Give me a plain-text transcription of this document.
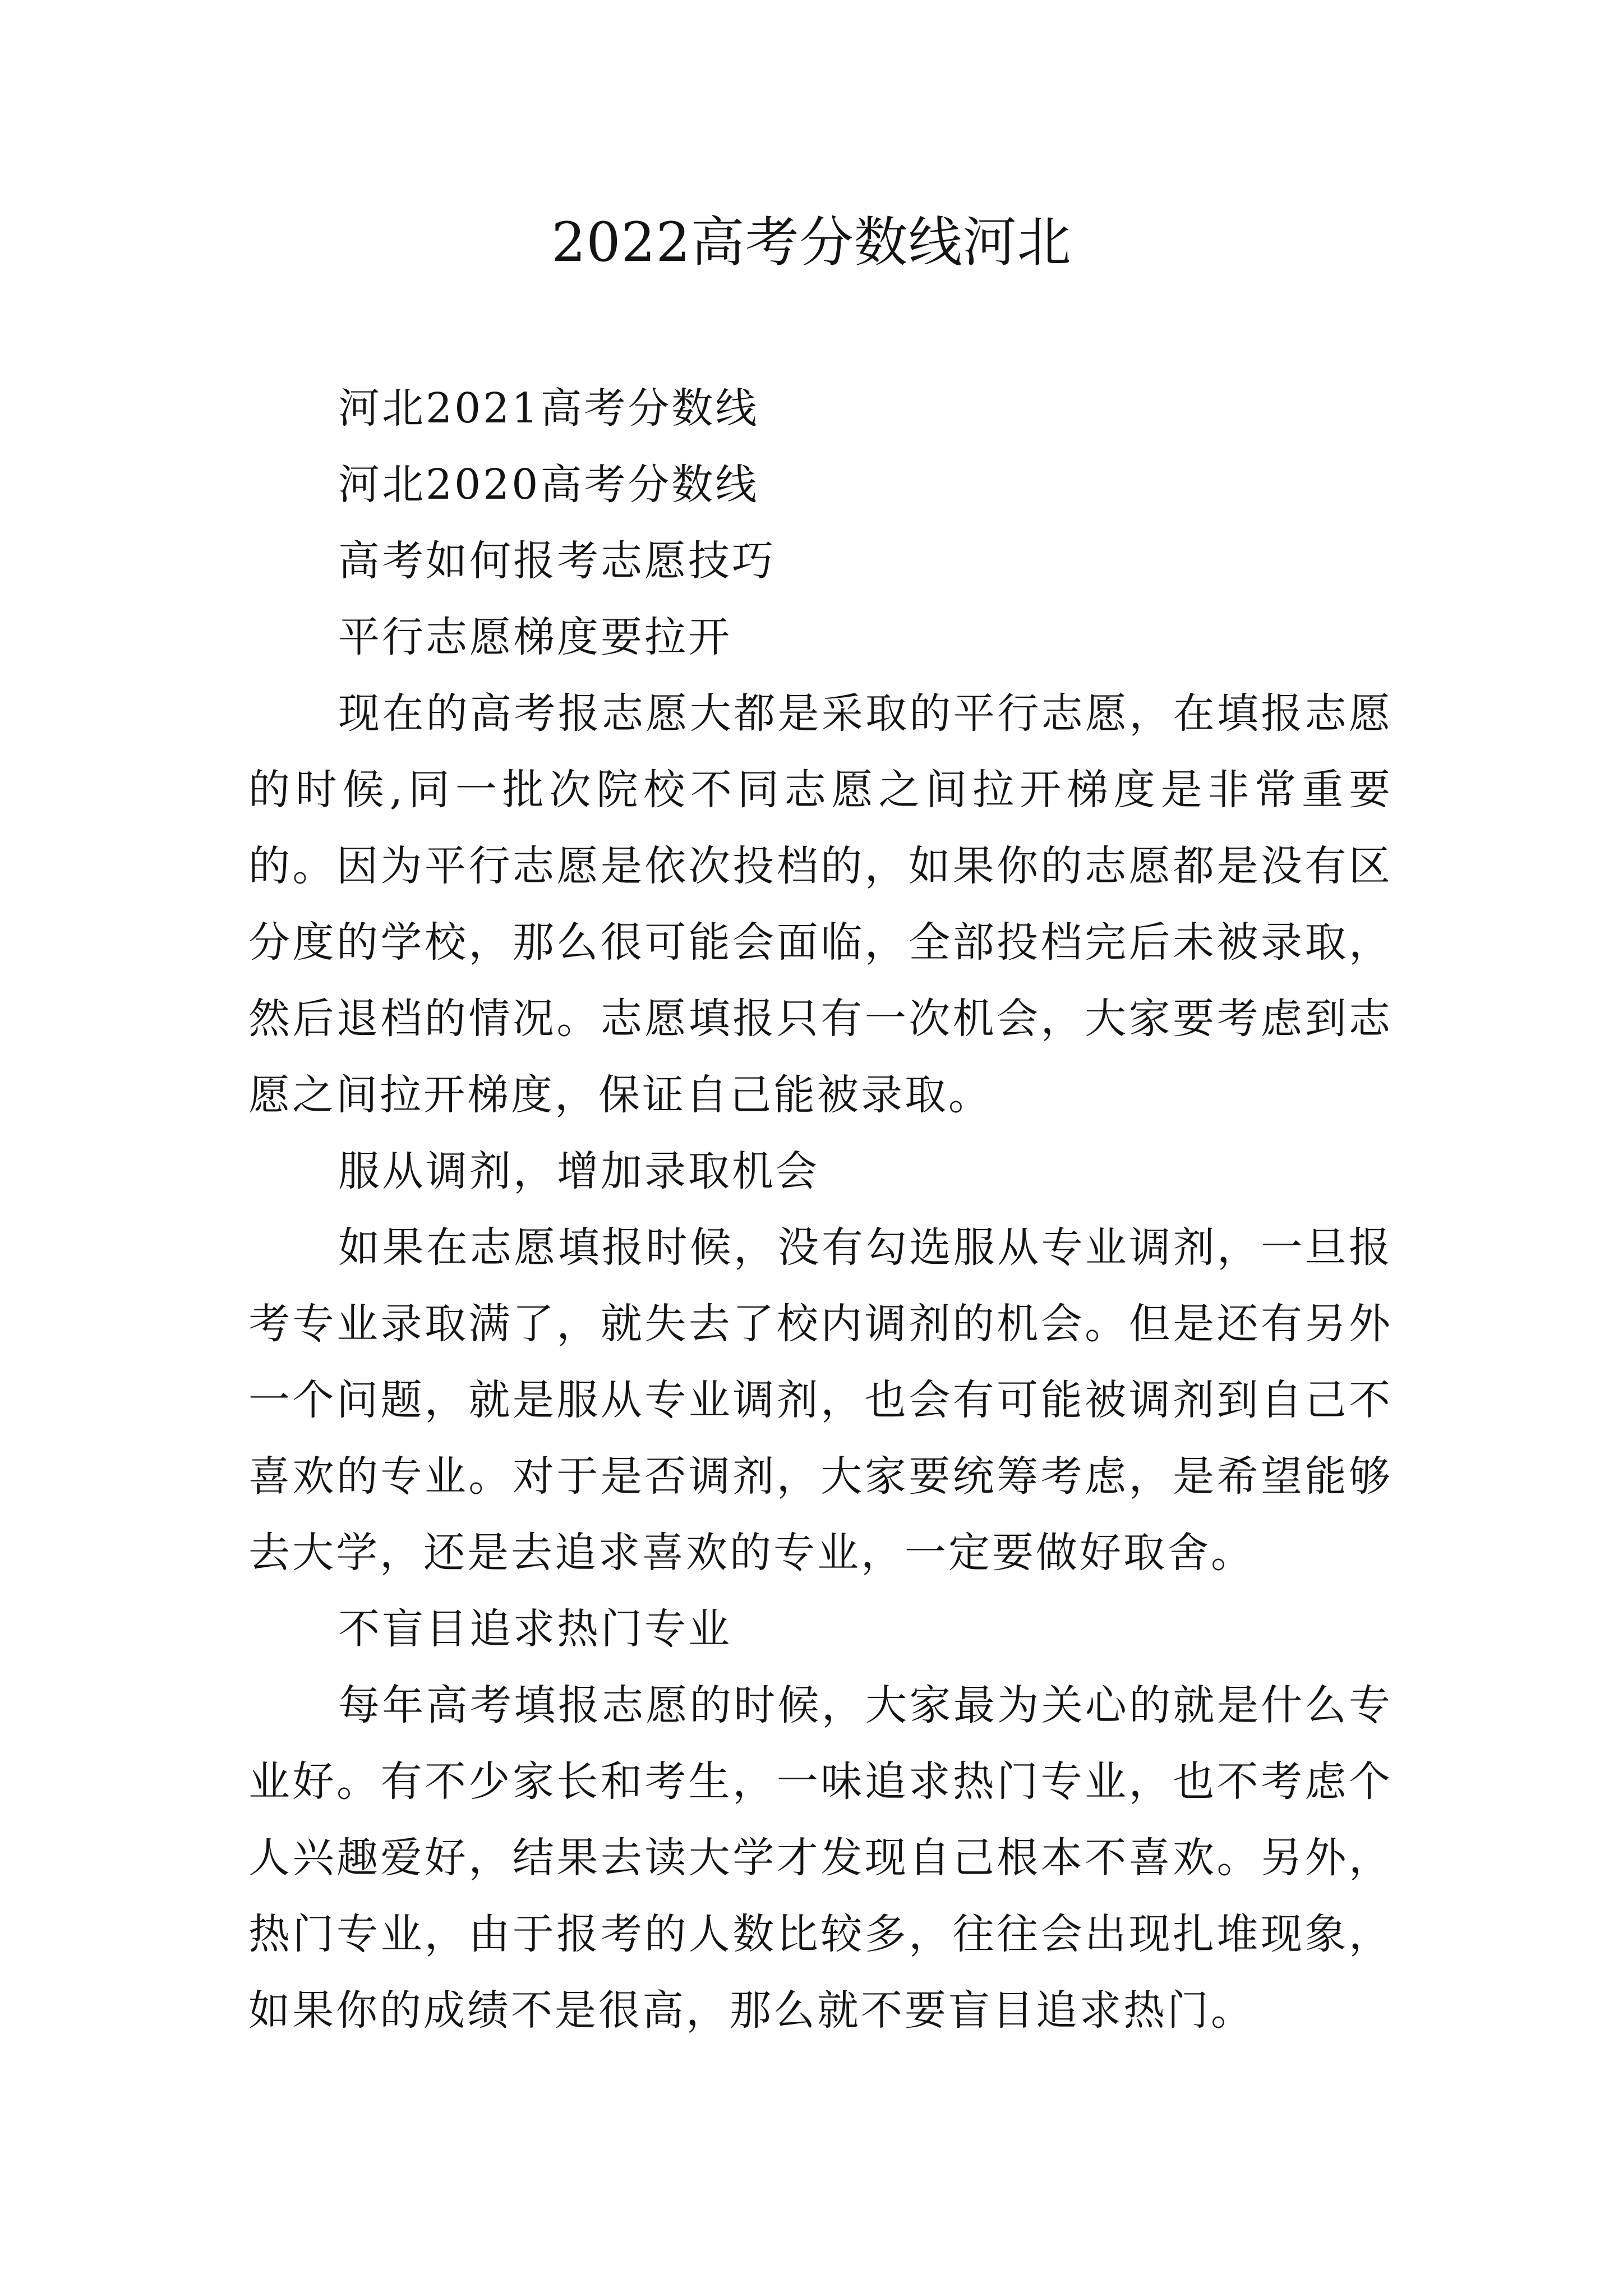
2022高考分数线河北

河北2021高考分数线

河北2020高考分数线

高考如何报考志愿技巧

平行志愿梯度要拉开

现在的高考报志愿大都是采取的平行志愿，在填报志愿的时候,同一批次院校不同志愿之间拉开梯度是非常重要的。因为平行志愿是依次投档的，如果你的志愿都是没有区分度的学校，那么很可能会面临，全部投档完后未被录取，然后退档的情况。志愿填报只有一次机会，大家要考虑到志愿之间拉开梯度，保证自己能被录取。

服从调剂，增加录取机会

如果在志愿填报时候，没有勾选服从专业调剂，一旦报考专业录取满了，就失去了校内调剂的机会。但是还有另外一个问题，就是服从专业调剂，也会有可能被调剂到自己不喜欢的专业。对于是否调剂，大家要统筹考虑，是希望能够去大学，还是去追求喜欢的专业，一定要做好取舍。

不盲目追求热门专业

每年高考填报志愿的时候，大家最为关心的就是什么专业好。有不少家长和考生，一味追求热门专业，也不考虑个人兴趣爱好，结果去读大学才发现自己根本不喜欢。另外，热门专业，由于报考的人数比较多，往往会出现扎堆现象，如果你的成绩不是很高，那么就不要盲目追求热门。
